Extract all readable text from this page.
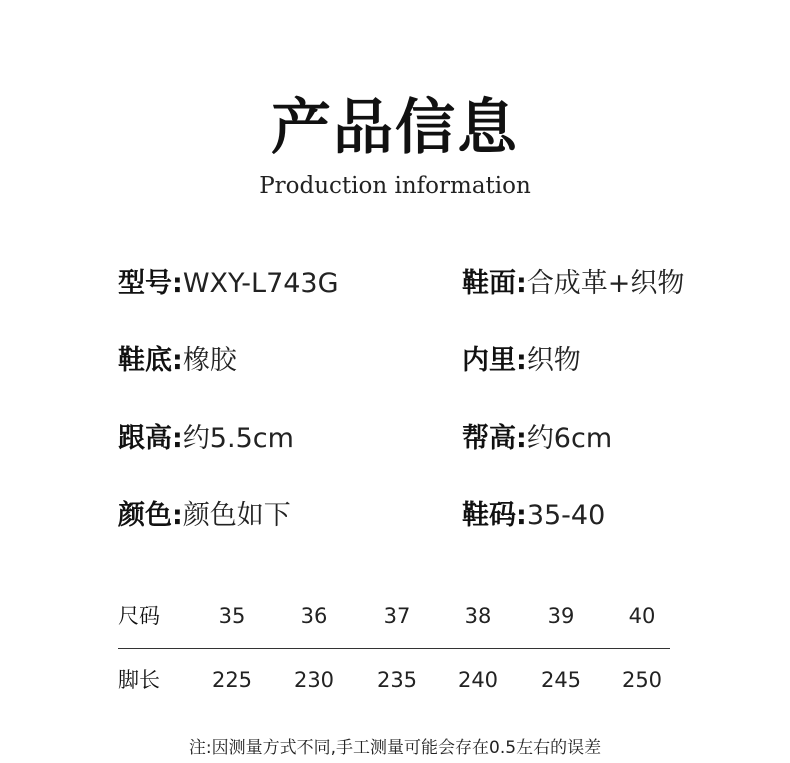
产品信息
Production information
型号:WXY-L743G	鞋面:合成革+织物
鞋底:橡胶	内里:织物
跟高:约5.5cm	帮高:约6cm
颜色:颜色如下	鞋码:35-40
尺码	35	36	37	38	39	40
脚长	225	230	235	240	245	250
注:因测量方式不同,手工测量可能会存在0.5左右的误差
